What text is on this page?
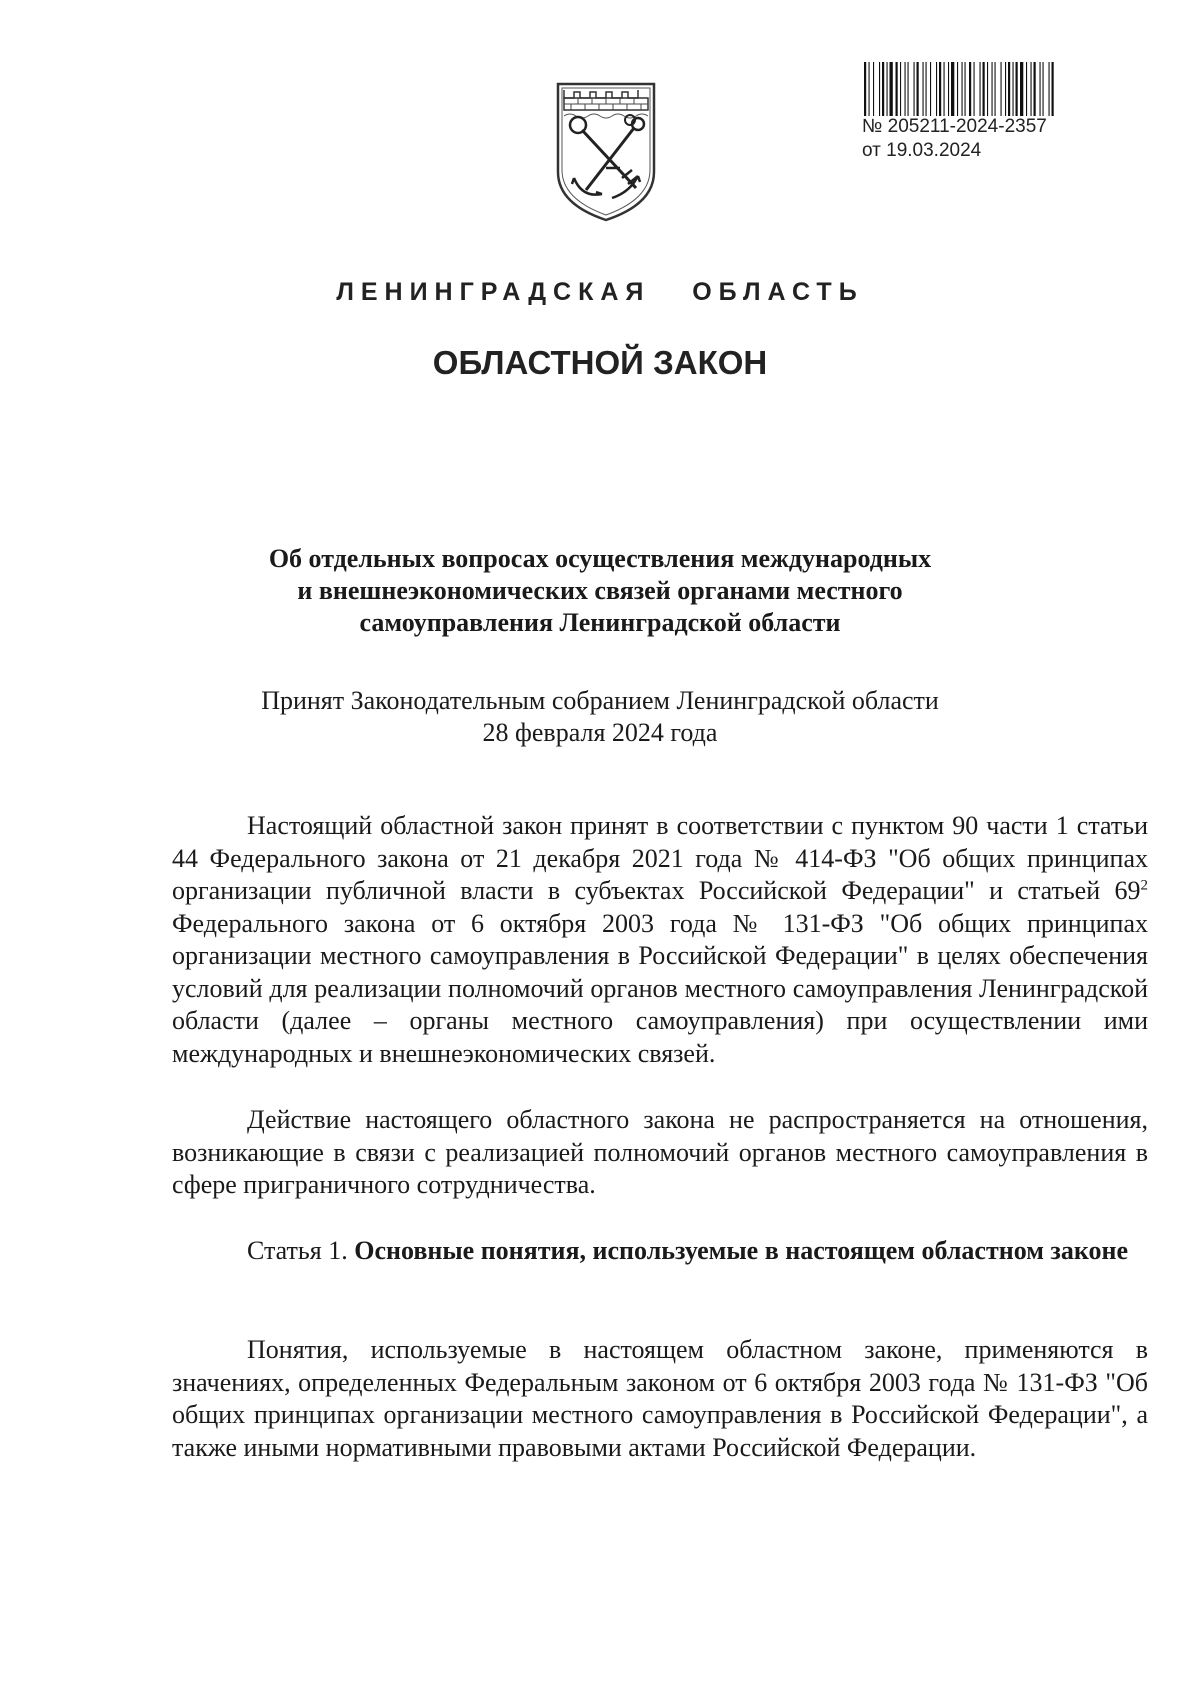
№ 205211-2024-2357
от 19.03.2024
ЛЕНИНГРАДСКАЯ   ОБЛАСТЬ
ОБЛАСТНОЙ ЗАКОН
Об отдельных вопросах осуществления международных
и внешнеэкономических связей органами местного
самоуправления Ленинградской области
Принят Законодательным собранием Ленинградской области
28 февраля 2024 года

Настоящий областной закон принят в соответствии с пунктом 90 части 1 статьи 44 Федерального закона от 21 декабря 2021 года № 414-ФЗ "Об общих принципах организации публичной власти в субъектах Российской Федерации" и статьей $69^2$ Федерального закона от 6 октября 2003 года № 131-ФЗ "Об общих принципах организации местного самоуправления в Российской Федерации" в целях обеспечения условий для реализации полномочий органов местного самоуправления Ленинградской области (далее – органы местного самоуправления) при осуществлении ими международных и внешнеэкономических связей.

Действие настоящего областного закона не распространяется на отношения, возникающие в связи с реализацией полномочий органов местного самоуправления в сфере приграничного сотрудничества.

Статья 1. Основные понятия, используемые в настоящем областном законе

Понятия, используемые в настоящем областном законе, применяются в значениях, определенных Федеральным законом от 6 октября 2003 года № 131-ФЗ "Об общих принципах организации местного самоуправления в Российской Федерации", а также иными нормативными правовыми актами Российской Федерации.
